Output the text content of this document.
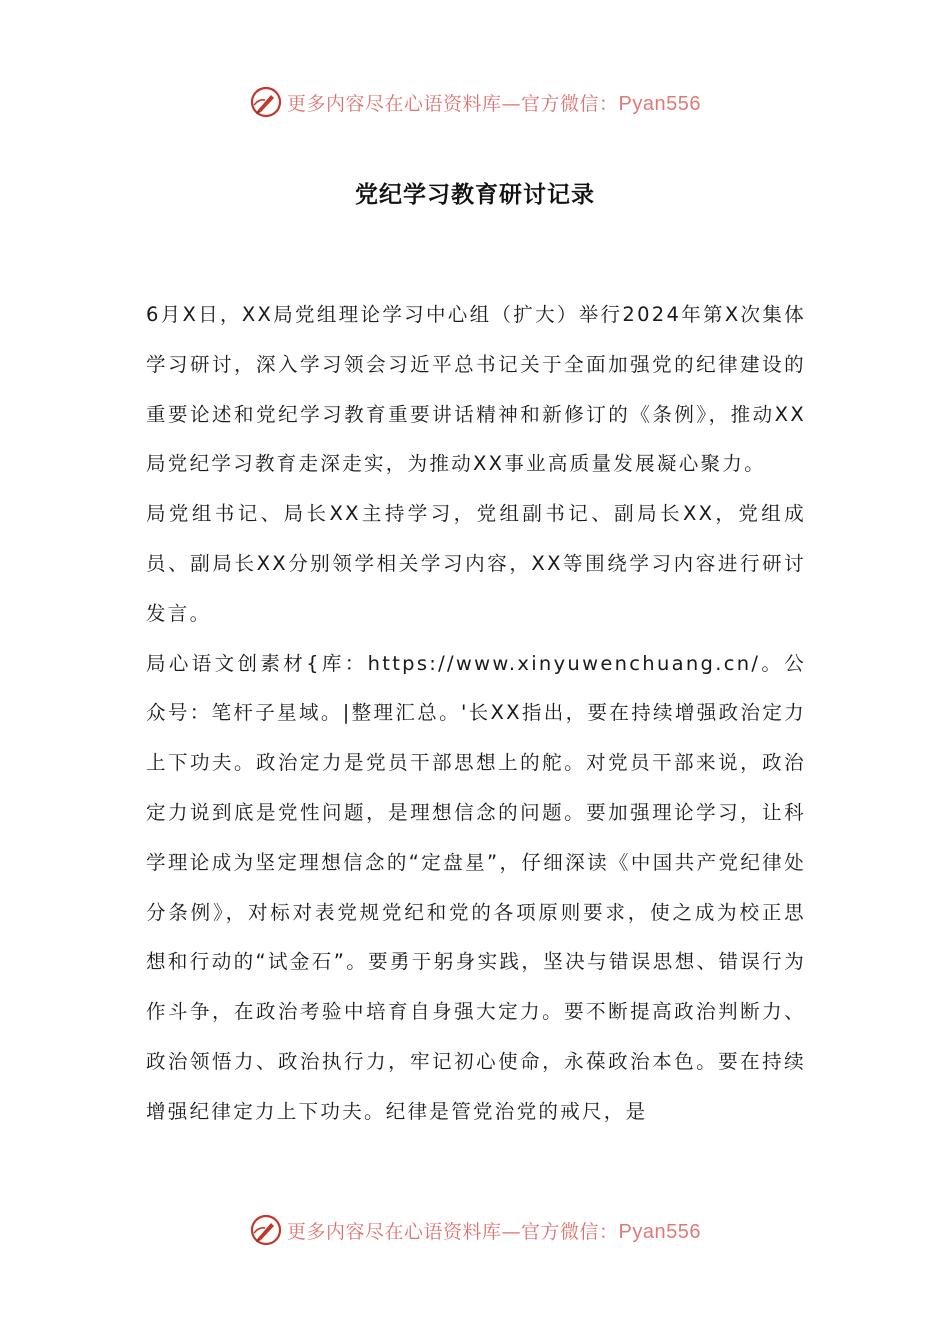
更多内容尽在心语资料库—官方微信：Pyan556
党纪学习教育研讨记录

6月X日，XX局党组理论学习中心组（扩大）举行2024年第X次集体学习研讨，深入学习领会习近平总书记关于全面加强党的纪律建设的重要论述和党纪学习教育重要讲话精神和新修订的《条例》，推动XX局党纪学习教育走深走实，为推动XX事业高质量发展凝心聚力。

局党组书记、局长XX主持学习，党组副书记、副局长XX，党组成员、副局长XX分别领学相关学习内容，XX等围绕学习内容进行研讨发言。

局心语文创素材{库：https://www.xinyuwenchuang.cn/。公众号：笔杆子星域。|整理汇总。'长XX指出，要在持续增强政治定力上下功夫。政治定力是党员干部思想上的舵。对党员干部来说，政治定力说到底是党性问题，是理想信念的问题。要加强理论学习，让科学理论成为坚定理想信念的“定盘星”，仔细深读《中国共产党纪律处分条例》，对标对表党规党纪和党的各项原则要求，使之成为校正思想和行动的“试金石”。要勇于躬身实践，坚决与错误思想、错误行为作斗争，在政治考验中培育自身强大定力。要不断提高政治判断力、政治领悟力、政治执行力，牢记初心使命，永葆政治本色。要在持续增强纪律定力上下功夫。纪律是管党治党的戒尺，是

更多内容尽在心语资料库—官方微信：Pyan556
